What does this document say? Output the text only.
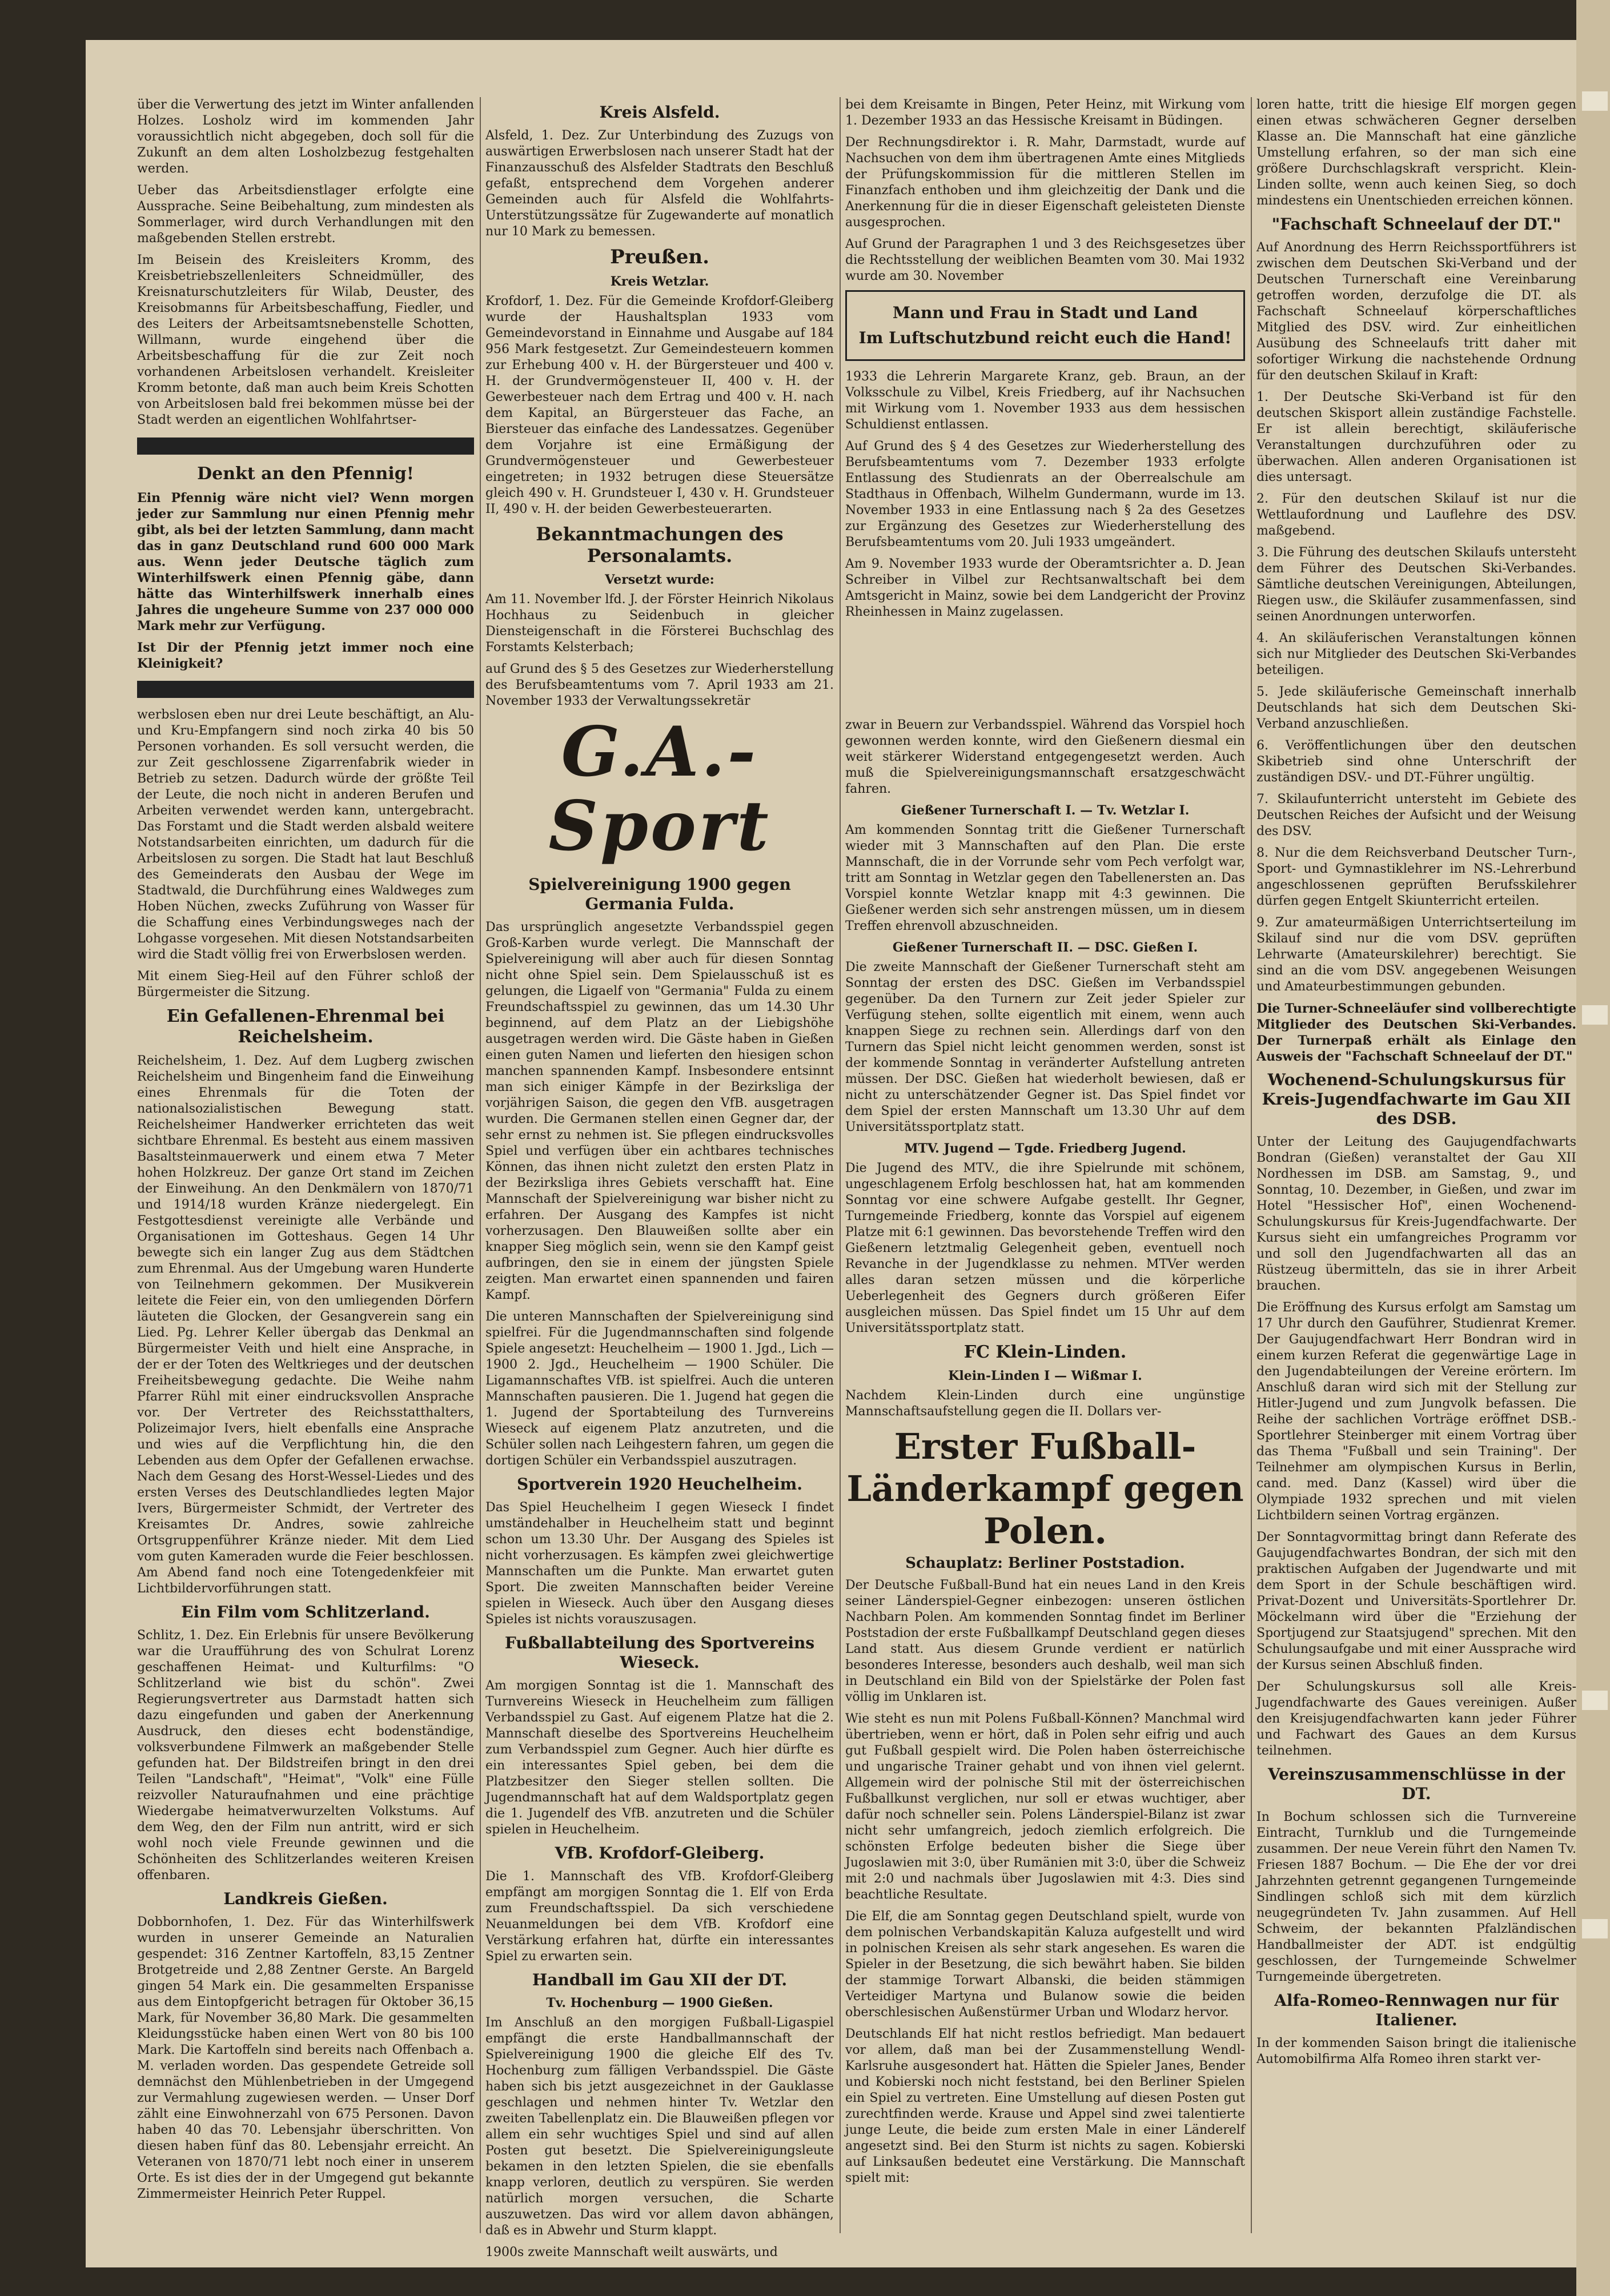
über die Verwertung des jetzt im Winter anfallenden Holzes. Losholz wird im kommenden Jahr voraussichtlich nicht abgegeben, doch soll für die Zukunft an dem alten Losholzbezug festgehalten werden.

Ueber das Arbeitsdienstlager erfolgte eine Aussprache. Seine Beibehaltung, zum mindesten als Sommerlager, wird durch Verhandlungen mit den maßgebenden Stellen erstrebt.

Im Beisein des Kreisleiters Kromm, des Kreisbetriebszellenleiters Schneidmüller, des Kreisnaturschutzleiters für Wilab, Deuster, des Kreisobmanns für Arbeitsbeschaffung, Fiedler, und des Leiters der Arbeitsamtsnebenstelle Schotten, Willmann, wurde eingehend über die Arbeitsbeschaffung für die zur Zeit noch vorhandenen Arbeitslosen verhandelt. Kreisleiter Kromm betonte, daß man auch beim Kreis Schotten von Arbeitslosen bald frei bekommen müsse bei der Stadt werden an eigentlichen Wohlfahrtser-

Denkt an den Pfennig!

Ein Pfennig wäre nicht viel? Wenn morgen jeder zur Sammlung nur einen Pfennig mehr gibt, als bei der letzten Sammlung, dann macht das in ganz Deutschland rund 600 000 Mark aus. Wenn jeder Deutsche täglich zum Winterhilfswerk einen Pfennig gäbe, dann hätte das Winterhilfswerk innerhalb eines Jahres die ungeheure Summe von 237 000 000 Mark mehr zur Verfügung.

Ist Dir der Pfennig jetzt immer noch eine Kleinigkeit?

werbslosen eben nur drei Leute beschäftigt, an Alu- und Kru-Empfangern sind noch zirka 40 bis 50 Personen vorhanden. Es soll versucht werden, die zur Zeit geschlossene Zigarrenfabrik wieder in Betrieb zu setzen. Dadurch würde der größte Teil der Leute, die noch nicht in anderen Berufen und Arbeiten verwendet werden kann, untergebracht. Das Forstamt und die Stadt werden alsbald weitere Notstandsarbeiten einrichten, um dadurch für die Arbeitslosen zu sorgen. Die Stadt hat laut Beschluß des Gemeinderats den Ausbau der Wege im Stadtwald, die Durchführung eines Waldweges zum Hoben Nüchen, zwecks Zuführung von Wasser für die Schaffung eines Verbindungsweges nach der Lohgasse vorgesehen. Mit diesen Notstandsarbeiten wird die Stadt völlig frei von Erwerbslosen werden.

Mit einem Sieg-Heil auf den Führer schloß der Bürgermeister die Sitzung.

Ein Gefallenen-Ehrenmal bei Reichelsheim.

Reichelsheim, 1. Dez. Auf dem Lugberg zwischen Reichelsheim und Bingenheim fand die Einweihung eines Ehrenmals für die Toten der nationalsozialistischen Bewegung statt. Reichelsheimer Handwerker errichteten das weit sichtbare Ehrenmal. Es besteht aus einem massiven Basaltsteinmauerwerk und einem etwa 7 Meter hohen Holzkreuz. Der ganze Ort stand im Zeichen der Einweihung. An den Denkmälern von 1870/71 und 1914/18 wurden Kränze niedergelegt. Ein Festgottesdienst vereinigte alle Verbände und Organisationen im Gotteshaus. Gegen 14 Uhr bewegte sich ein langer Zug aus dem Städtchen zum Ehrenmal. Aus der Umgebung waren Hunderte von Teilnehmern gekommen. Der Musikverein leitete die Feier ein, von den umliegenden Dörfern läuteten die Glocken, der Gesangverein sang ein Lied. Pg. Lehrer Keller übergab das Denkmal an Bürgermeister Veith und hielt eine Ansprache, in der er der Toten des Weltkrieges und der deutschen Freiheitsbewegung gedachte. Die Weihe nahm Pfarrer Rühl mit einer eindrucksvollen Ansprache vor. Der Vertreter des Reichsstatthalters, Polizeimajor Ivers, hielt ebenfalls eine Ansprache und wies auf die Verpflichtung hin, die den Lebenden aus dem Opfer der Gefallenen erwachse. Nach dem Gesang des Horst-Wessel-Liedes und des ersten Verses des Deutschlandliedes legten Major Ivers, Bürgermeister Schmidt, der Vertreter des Kreisamtes Dr. Andres, sowie zahlreiche Ortsgruppenführer Kränze nieder. Mit dem Lied vom guten Kameraden wurde die Feier beschlossen. Am Abend fand noch eine Totengedenkfeier mit Lichtbildervorführungen statt.

Ein Film vom Schlitzerland.

Schlitz, 1. Dez. Ein Erlebnis für unsere Bevölkerung war die Uraufführung des von Schulrat Lorenz geschaffenen Heimat- und Kulturfilms: "O Schlitzerland wie bist du schön". Zwei Regierungsvertreter aus Darmstadt hatten sich dazu eingefunden und gaben der Anerkennung Ausdruck, den dieses echt bodenständige, volksverbundene Filmwerk an maßgebender Stelle gefunden hat. Der Bildstreifen bringt in den drei Teilen "Landschaft", "Heimat", "Volk" eine Fülle reizvoller Naturaufnahmen und eine prächtige Wiedergabe heimatverwurzelten Volkstums. Auf dem Weg, den der Film nun antritt, wird er sich wohl noch viele Freunde gewinnen und die Schönheiten des Schlitzerlandes weiteren Kreisen offenbaren.

Landkreis Gießen.

Dobbornhofen, 1. Dez. Für das Winterhilfswerk wurden in unserer Gemeinde an Naturalien gespendet: 316 Zentner Kartoffeln, 83,15 Zentner Brotgetreide und 2,88 Zentner Gerste. An Bargeld gingen 54 Mark ein. Die gesammelten Erspanisse aus dem Eintopfgericht betragen für Oktober 36,15 Mark, für November 36,80 Mark. Die gesammelten Kleidungsstücke haben einen Wert von 80 bis 100 Mark. Die Kartoffeln sind bereits nach Offenbach a. M. verladen worden. Das gespendete Getreide soll demnächst den Mühlenbetrieben in der Umgegend zur Vermahlung zugewiesen werden. — Unser Dorf zählt eine Einwohnerzahl von 675 Personen. Davon haben 40 das 70. Lebensjahr überschritten. Von diesen haben fünf das 80. Lebensjahr erreicht. An Veteranen von 1870/71 lebt noch einer in unserem Orte. Es ist dies der in der Umgegend gut bekannte Zimmermeister Heinrich Peter Ruppel.

Kreis Alsfeld.

Alsfeld, 1. Dez. Zur Unterbindung des Zuzugs von auswärtigen Erwerbslosen nach unserer Stadt hat der Finanzausschuß des Alsfelder Stadtrats den Beschluß gefaßt, entsprechend dem Vorgehen anderer Gemeinden auch für Alsfeld die Wohlfahrts-Unterstützungssätze für Zugewanderte auf monatlich nur 10 Mark zu bemessen.

Preußen.
Kreis Wetzlar.

Krofdorf, 1. Dez. Für die Gemeinde Krofdorf-Gleiberg wurde der Haushaltsplan 1933 vom Gemeindevorstand in Einnahme und Ausgabe auf 184 956 Mark festgesetzt. Zur Gemeindesteuern kommen zur Erhebung 400 v. H. der Bürgersteuer und 400 v. H. der Grundvermögensteuer II, 400 v. H. der Gewerbesteuer nach dem Ertrag und 400 v. H. nach dem Kapital, an Bürgersteuer das Fache, an Biersteuer das einfache des Landessatzes. Gegenüber dem Vorjahre ist eine Ermäßigung der Grundvermögensteuer und Gewerbesteuer eingetreten; in 1932 betrugen diese Steuersätze gleich 490 v. H. Grundsteuer I, 430 v. H. Grundsteuer II, 490 v. H. der beiden Gewerbesteuerarten.

Bekanntmachungen des Personalamts.
Versetzt wurde:

Am 11. November lfd. J. der Förster Heinrich Nikolaus Hochhaus zu Seidenbuch in gleicher Diensteigenschaft in die Försterei Buchschlag des Forstamts Kelsterbach;

auf Grund des § 5 des Gesetzes zur Wiederherstellung des Berufsbeamtentums vom 7. April 1933 am 21. November 1933 der Verwaltungssekretär

G.A.-Sport
Spielvereinigung 1900 gegen Germania Fulda.

Das ursprünglich angesetzte Verbandsspiel gegen Groß-Karben wurde verlegt. Die Mannschaft der Spielvereinigung will aber auch für diesen Sonntag nicht ohne Spiel sein. Dem Spielausschuß ist es gelungen, die Ligaelf von "Germania" Fulda zu einem Freundschaftsspiel zu gewinnen, das um 14.30 Uhr beginnend, auf dem Platz an der Liebigshöhe ausgetragen werden wird. Die Gäste haben in Gießen einen guten Namen und lieferten den hiesigen schon manchen spannenden Kampf. Insbesondere entsinnt man sich einiger Kämpfe in der Bezirksliga der vorjährigen Saison, die gegen den VfB. ausgetragen wurden. Die Germanen stellen einen Gegner dar, der sehr ernst zu nehmen ist. Sie pflegen eindrucksvolles Spiel und verfügen über ein achtbares technisches Können, das ihnen nicht zuletzt den ersten Platz in der Bezirksliga ihres Gebiets verschafft hat. Eine Mannschaft der Spielvereinigung war bisher nicht zu erfahren. Der Ausgang des Kampfes ist nicht vorherzusagen. Den Blauweißen sollte aber ein knapper Sieg möglich sein, wenn sie den Kampf geist aufbringen, den sie in einem der jüngsten Spiele zeigten. Man erwartet einen spannenden und fairen Kampf.

Die unteren Mannschaften der Spielvereinigung sind spielfrei. Für die Jugendmannschaften sind folgende Spiele angesetzt: Heuchelheim — 1900 1. Jgd., Lich — 1900 2. Jgd., Heuchelheim — 1900 Schüler. Die Ligamannschaftes VfB. ist spielfrei. Auch die unteren Mannschaften pausieren. Die 1. Jugend hat gegen die 1. Jugend der Sportabteilung des Turnvereins Wieseck auf eigenem Platz anzutreten, und die Schüler sollen nach Leihgestern fahren, um gegen die dortigen Schüler ein Verbandsspiel auszutragen.

Sportverein 1920 Heuchelheim.

Das Spiel Heuchelheim I gegen Wieseck I findet umständehalber in Heuchelheim statt und beginnt schon um 13.30 Uhr. Der Ausgang des Spieles ist nicht vorherzusagen. Es kämpfen zwei gleichwertige Mannschaften um die Punkte. Man erwartet guten Sport. Die zweiten Mannschaften beider Vereine spielen in Wieseck. Auch über den Ausgang dieses Spieles ist nichts vorauszusagen.

Fußballabteilung des Sportvereins Wieseck.

Am morgigen Sonntag ist die 1. Mannschaft des Turnvereins Wieseck in Heuchelheim zum fälligen Verbandsspiel zu Gast. Auf eigenem Platze hat die 2. Mannschaft dieselbe des Sportvereins Heuchelheim zum Verbandsspiel zum Gegner. Auch hier dürfte es ein interessantes Spiel geben, bei dem die Platzbesitzer den Sieger stellen sollten. Die Jugendmannschaft hat auf dem Waldsportplatz gegen die 1. Jugendelf des VfB. anzutreten und die Schüler spielen in Heuchelheim.

VfB. Krofdorf-Gleiberg.

Die 1. Mannschaft des VfB. Krofdorf-Gleiberg empfängt am morgigen Sonntag die 1. Elf von Erda zum Freundschaftsspiel. Da sich verschiedene Neuanmeldungen bei dem VfB. Krofdorf eine Verstärkung erfahren hat, dürfte ein interessantes Spiel zu erwarten sein.

Handball im Gau XII der DT.
Tv. Hochenburg — 1900 Gießen.

Im Anschluß an den morgigen Fußball-Ligaspiel empfängt die erste Handballmannschaft der Spielvereinigung 1900 die gleiche Elf des Tv. Hochenburg zum fälligen Verbandsspiel. Die Gäste haben sich bis jetzt ausgezeichnet in der Gauklasse geschlagen und nehmen hinter Tv. Wetzlar den zweiten Tabellenplatz ein. Die Blauweißen pflegen vor allem ein sehr wuchtiges Spiel und sind auf allen Posten gut besetzt. Die Spielvereinigungsleute bekamen in den letzten Spielen, die sie ebenfalls knapp verloren, deutlich zu verspüren. Sie werden natürlich morgen versuchen, die Scharte auszuwetzen. Das wird vor allem davon abhängen, daß es in Abwehr und Sturm klappt.

1900s zweite Mannschaft weilt auswärts, und

bei dem Kreisamte in Bingen, Peter Heinz, mit Wirkung vom 1. Dezember 1933 an das Hessische Kreisamt in Büdingen.

Der Rechnungsdirektor i. R. Mahr, Darmstadt, wurde auf Nachsuchen von dem ihm übertragenen Amte eines Mitglieds der Prüfungskommission für die mittleren Stellen im Finanzfach enthoben und ihm gleichzeitig der Dank und die Anerkennung für die in dieser Eigenschaft geleisteten Dienste ausgesprochen.

Auf Grund der Paragraphen 1 und 3 des Reichsgesetzes über die Rechtsstellung der weiblichen Beamten vom 30. Mai 1932 wurde am 30. November

Mann und Frau in Stadt und Land
Im Luftschutzbund reicht euch die Hand!

1933 die Lehrerin Margarete Kranz, geb. Braun, an der Volksschule zu Vilbel, Kreis Friedberg, auf ihr Nachsuchen mit Wirkung vom 1. November 1933 aus dem hessischen Schuldienst entlassen.

Auf Grund des § 4 des Gesetzes zur Wiederherstellung des Berufsbeamtentums vom 7. Dezember 1933 erfolgte Entlassung des Studienrats an der Oberrealschule am Stadthaus in Offenbach, Wilhelm Gundermann, wurde im 13. November 1933 in eine Entlassung nach § 2a des Gesetzes zur Ergänzung des Gesetzes zur Wiederherstellung des Berufsbeamtentums vom 20. Juli 1933 umgeändert.

Am 9. November 1933 wurde der Oberamtsrichter a. D. Jean Schreiber in Vilbel zur Rechtsanwaltschaft bei dem Amtsgericht in Mainz, sowie bei dem Landgericht der Provinz Rheinhessen in Mainz zugelassen.

zwar in Beuern zur Verbandsspiel. Während das Vorspiel hoch gewonnen werden konnte, wird den Gießenern diesmal ein weit stärkerer Widerstand entgegengesetzt werden. Auch muß die Spielvereinigungsmannschaft ersatzgeschwächt fahren.

Gießener Turnerschaft I. — Tv. Wetzlar I.

Am kommenden Sonntag tritt die Gießener Turnerschaft wieder mit 3 Mannschaften auf den Plan. Die erste Mannschaft, die in der Vorrunde sehr vom Pech verfolgt war, tritt am Sonntag in Wetzlar gegen den Tabellenersten an. Das Vorspiel konnte Wetzlar knapp mit 4:3 gewinnen. Die Gießener werden sich sehr anstrengen müssen, um in diesem Treffen ehrenvoll abzuschneiden.

Gießener Turnerschaft II. — DSC. Gießen I.

Die zweite Mannschaft der Gießener Turnerschaft steht am Sonntag der ersten des DSC. Gießen im Verbandsspiel gegenüber. Da den Turnern zur Zeit jeder Spieler zur Verfügung stehen, sollte eigentlich mit einem, wenn auch knappen Siege zu rechnen sein. Allerdings darf von den Turnern das Spiel nicht leicht genommen werden, sonst ist der kommende Sonntag in veränderter Aufstellung antreten müssen. Der DSC. Gießen hat wiederholt bewiesen, daß er nicht zu unterschätzender Gegner ist. Das Spiel findet vor dem Spiel der ersten Mannschaft um 13.30 Uhr auf dem Universitätssportplatz statt.

MTV. Jugend — Tgde. Friedberg Jugend.

Die Jugend des MTV., die ihre Spielrunde mit schönem, ungeschlagenem Erfolg beschlossen hat, hat am kommenden Sonntag vor eine schwere Aufgabe gestellt. Ihr Gegner, Turngemeinde Friedberg, konnte das Vorspiel auf eigenem Platze mit 6:1 gewinnen. Das bevorstehende Treffen wird den Gießenern letztmalig Gelegenheit geben, eventuell noch Revanche in der Jugendklasse zu nehmen. MTVer werden alles daran setzen müssen und die körperliche Ueberlegenheit des Gegners durch größeren Eifer ausgleichen müssen. Das Spiel findet um 15 Uhr auf dem Universitätssportplatz statt.

FC Klein-Linden.
Klein-Linden I — Wißmar I.

Nachdem Klein-Linden durch eine ungünstige Mannschaftsaufstellung gegen die II. Dollars ver-

Erster Fußball-Länderkampf gegen Polen.
Schauplatz: Berliner Poststadion.

Der Deutsche Fußball-Bund hat ein neues Land in den Kreis seiner Länderspiel-Gegner einbezogen: unseren östlichen Nachbarn Polen. Am kommenden Sonntag findet im Berliner Poststadion der erste Fußballkampf Deutschland gegen dieses Land statt. Aus diesem Grunde verdient er natürlich besonderes Interesse, besonders auch deshalb, weil man sich in Deutschland ein Bild von der Spielstärke der Polen fast völlig im Unklaren ist.

Wie steht es nun mit Polens Fußball-Können? Manchmal wird übertrieben, wenn er hört, daß in Polen sehr eifrig und auch gut Fußball gespielt wird. Die Polen haben österreichische und ungarische Trainer gehabt und von ihnen viel gelernt. Allgemein wird der polnische Stil mit der österreichischen Fußballkunst verglichen, nur soll er etwas wuchtiger, aber dafür noch schneller sein. Polens Länderspiel-Bilanz ist zwar nicht sehr umfangreich, jedoch ziemlich erfolgreich. Die schönsten Erfolge bedeuten bisher die Siege über Jugoslawien mit 3:0, über Rumänien mit 3:0, über die Schweiz mit 2:0 und nachmals über Jugoslawien mit 4:3. Dies sind beachtliche Resultate.

Die Elf, die am Sonntag gegen Deutschland spielt, wurde von dem polnischen Verbandskapitän Kaluza aufgestellt und wird in polnischen Kreisen als sehr stark angesehen. Es waren die Spieler in der Besetzung, die sich bewährt haben. Sie bilden der stammige Torwart Albanski, die beiden stämmigen Verteidiger Martyna und Bulanow sowie die beiden oberschlesischen Außenstürmer Urban und Wlodarz hervor.

Deutschlands Elf hat nicht restlos befriedigt. Man bedauert vor allem, daß man bei der Zusammenstellung Wendl-Karlsruhe ausgesondert hat. Hätten die Spieler Janes, Bender und Kobierski noch nicht feststand, bei den Berliner Spielen ein Spiel zu vertreten. Eine Umstellung auf diesen Posten gut zurechtfinden werde. Krause und Appel sind zwei talentierte junge Leute, die beide zum ersten Male in einer Länderelf angesetzt sind. Bei den Sturm ist nichts zu sagen. Kobierski auf Linksaußen bedeutet eine Verstärkung. Die Mannschaft spielt mit:

loren hatte, tritt die hiesige Elf morgen gegen einen etwas schwächeren Gegner derselben Klasse an. Die Mannschaft hat eine gänzliche Umstellung erfahren, so der man sich eine größere Durchschlagskraft verspricht. Klein-Linden sollte, wenn auch keinen Sieg, so doch mindestens ein Unentschieden erreichen können.

"Fachschaft Schneelauf der DT."

Auf Anordnung des Herrn Reichssportführers ist zwischen dem Deutschen Ski-Verband und der Deutschen Turnerschaft eine Vereinbarung getroffen worden, derzufolge die DT. als Fachschaft Schneelauf körperschaftliches Mitglied des DSV. wird. Zur einheitlichen Ausübung des Schneelaufs tritt daher mit sofortiger Wirkung die nachstehende Ordnung für den deutschen Skilauf in Kraft:

1. Der Deutsche Ski-Verband ist für den deutschen Skisport allein zuständige Fachstelle. Er ist allein berechtigt, skiläuferische Veranstaltungen durchzuführen oder zu überwachen. Allen anderen Organisationen ist dies untersagt.

2. Für den deutschen Skilauf ist nur die Wettlaufordnung und Lauflehre des DSV. maßgebend.

3. Die Führung des deutschen Skilaufs untersteht dem Führer des Deutschen Ski-Verbandes. Sämtliche deutschen Vereinigungen, Abteilungen, Riegen usw., die Skiläufer zusammenfassen, sind seinen Anordnungen unterworfen.

4. An skiläuferischen Veranstaltungen können sich nur Mitglieder des Deutschen Ski-Verbandes beteiligen.

5. Jede skiläuferische Gemeinschaft innerhalb Deutschlands hat sich dem Deutschen Ski-Verband anzuschließen.

6. Veröffentlichungen über den deutschen Skibetrieb sind ohne Unterschrift der zuständigen DSV.- und DT.-Führer ungültig.

7. Skilaufunterricht untersteht im Gebiete des Deutschen Reiches der Aufsicht und der Weisung des DSV.

8. Nur die dem Reichsverband Deutscher Turn-, Sport- und Gymnastiklehrer im NS.-Lehrerbund angeschlossenen geprüften Berufsskilehrer dürfen gegen Entgelt Skiunterricht erteilen.

9. Zur amateurmäßigen Unterrichtserteilung im Skilauf sind nur die vom DSV. geprüften Lehrwarte (Amateurskilehrer) berechtigt. Sie sind an die vom DSV. angegebenen Weisungen und Amateurbestimmungen gebunden.

Die Turner-Schneeläufer sind vollberechtigte Mitglieder des Deutschen Ski-Verbandes. Der Turnerpaß erhält als Einlage den Ausweis der "Fachschaft Schneelauf der DT."

Wochenend-Schulungskursus für Kreis-Jugendfachwarte im Gau XII des DSB.

Unter der Leitung des Gaujugendfachwarts Bondran (Gießen) veranstaltet der Gau XII Nordhessen im DSB. am Samstag, 9., und Sonntag, 10. Dezember, in Gießen, und zwar im Hotel "Hessischer Hof", einen Wochenend-Schulungskursus für Kreis-Jugendfachwarte. Der Kursus sieht ein umfangreiches Programm vor und soll den Jugendfachwarten all das an Rüstzeug übermitteln, das sie in ihrer Arbeit brauchen.

Die Eröffnung des Kursus erfolgt am Samstag um 17 Uhr durch den Gauführer, Studienrat Kremer. Der Gaujugendfachwart Herr Bondran wird in einem kurzen Referat die gegenwärtige Lage in den Jugendabteilungen der Vereine erörtern. Im Anschluß daran wird sich mit der Stellung zur Hitler-Jugend und zum Jungvolk befassen. Die Reihe der sachlichen Vorträge eröffnet DSB.-Sportlehrer Steinberger mit einem Vortrag über das Thema "Fußball und sein Training". Der Teilnehmer am olympischen Kursus in Berlin, cand. med. Danz (Kassel) wird über die Olympiade 1932 sprechen und mit vielen Lichtbildern seinen Vortrag ergänzen.

Der Sonntagvormittag bringt dann Referate des Gaujugendfachwartes Bondran, der sich mit den praktischen Aufgaben der Jugendwarte und mit dem Sport in der Schule beschäftigen wird. Privat-Dozent und Universitäts-Sportlehrer Dr. Möckelmann wird über die "Erziehung der Sportjugend zur Staatsjugend" sprechen. Mit den Schulungsaufgabe und mit einer Aussprache wird der Kursus seinen Abschluß finden.

Der Schulungskursus soll alle Kreis-Jugendfachwarte des Gaues vereinigen. Außer den Kreisjugendfachwarten kann jeder Führer und Fachwart des Gaues an dem Kursus teilnehmen.

Vereinszusammenschlüsse in der DT.

In Bochum schlossen sich die Turnvereine Eintracht, Turnklub und die Turngemeinde zusammen. Der neue Verein führt den Namen Tv. Friesen 1887 Bochum. — Die Ehe der vor drei Jahrzehnten getrennt gegangenen Turngemeinde Sindlingen schloß sich mit dem kürzlich neugegründeten Tv. Jahn zusammen. Auf Hell Schweim, der bekannten Pfalzländischen Handballmeister der ADT. ist endgültig geschlossen, der Turngemeinde Schwelmer Turngemeinde übergetreten.

Alfa-Romeo-Rennwagen nur für Italiener.

In der kommenden Saison bringt die italienische Automobilfirma Alfa Romeo ihren starkt ver-
